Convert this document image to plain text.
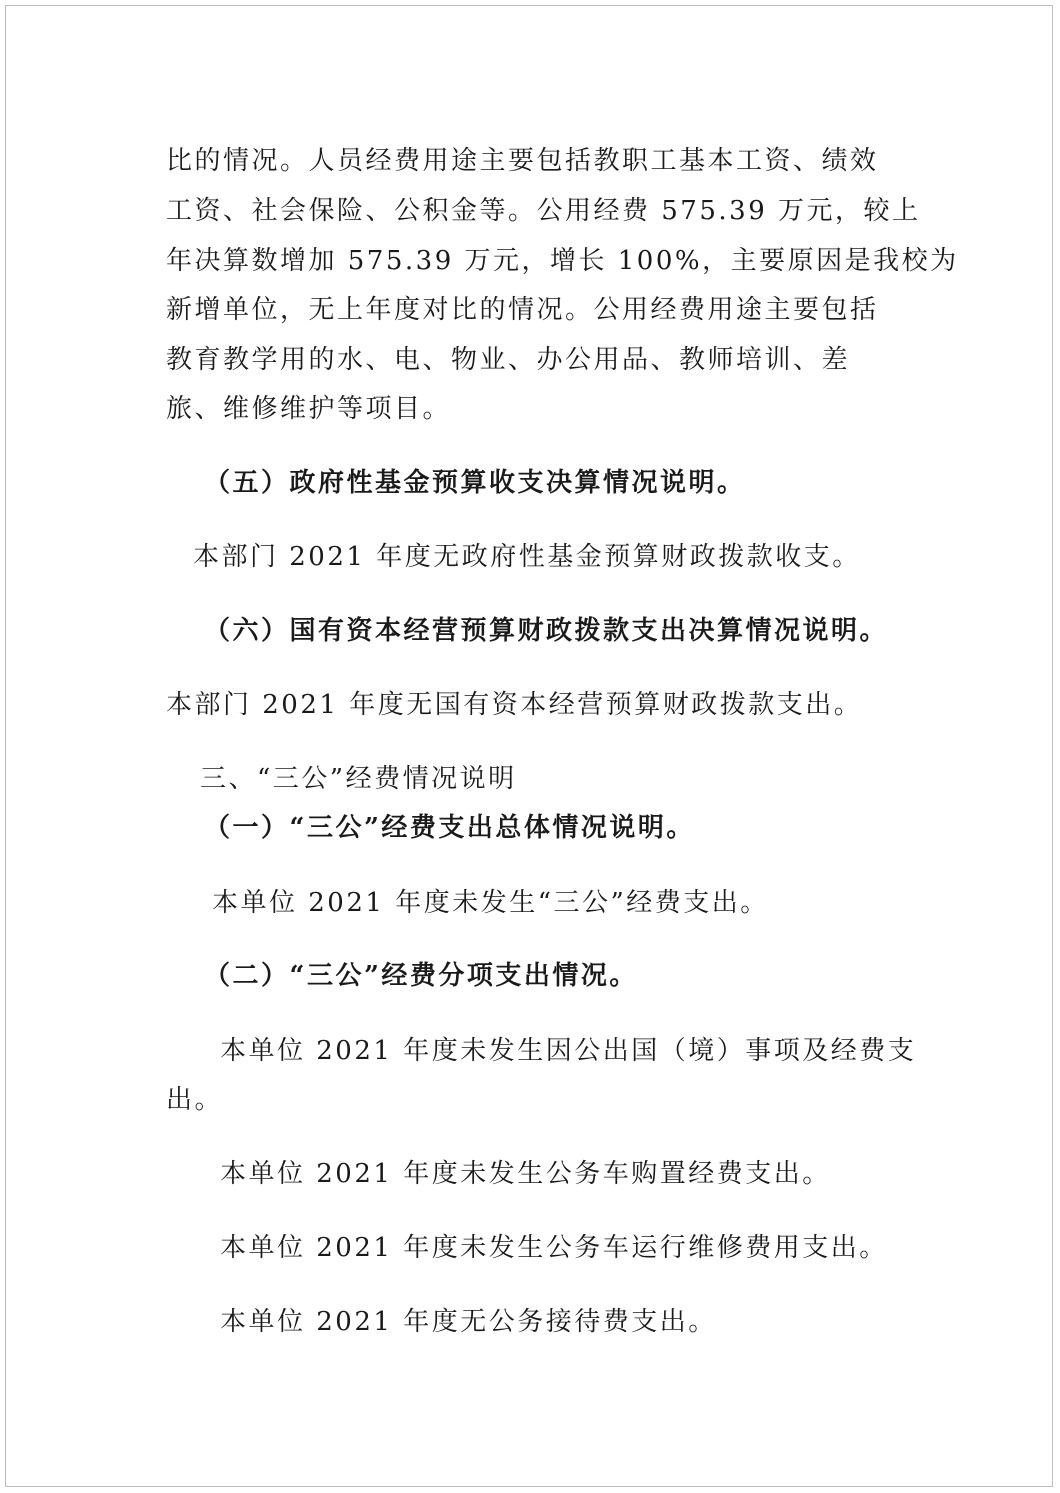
比的情况。人员经费用途主要包括教职工基本工资、绩效
工资、社会保险、公积金等。公用经费 575.39 万元，较上
年决算数增加 575.39 万元，增长 100%，主要原因是我校为
新增单位，无上年度对比的情况。公用经费用途主要包括
教育教学用的水、电、物业、办公用品、教师培训、差
旅、维修维护等项目。
（五）政府性基金预算收支决算情况说明。
本部门 2021 年度无政府性基金预算财政拨款收支。
（六）国有资本经营预算财政拨款支出决算情况说明。
本部门 2021 年度无国有资本经营预算财政拨款支出。
三、“三公”经费情况说明
（一）“三公”经费支出总体情况说明。
本单位 2021 年度未发生“三公”经费支出。
（二）“三公”经费分项支出情况。
本单位 2021 年度未发生因公出国（境）事项及经费支
出。
本单位 2021 年度未发生公务车购置经费支出。
本单位 2021 年度未发生公务车运行维修费用支出。
本单位 2021 年度无公务接待费支出。
